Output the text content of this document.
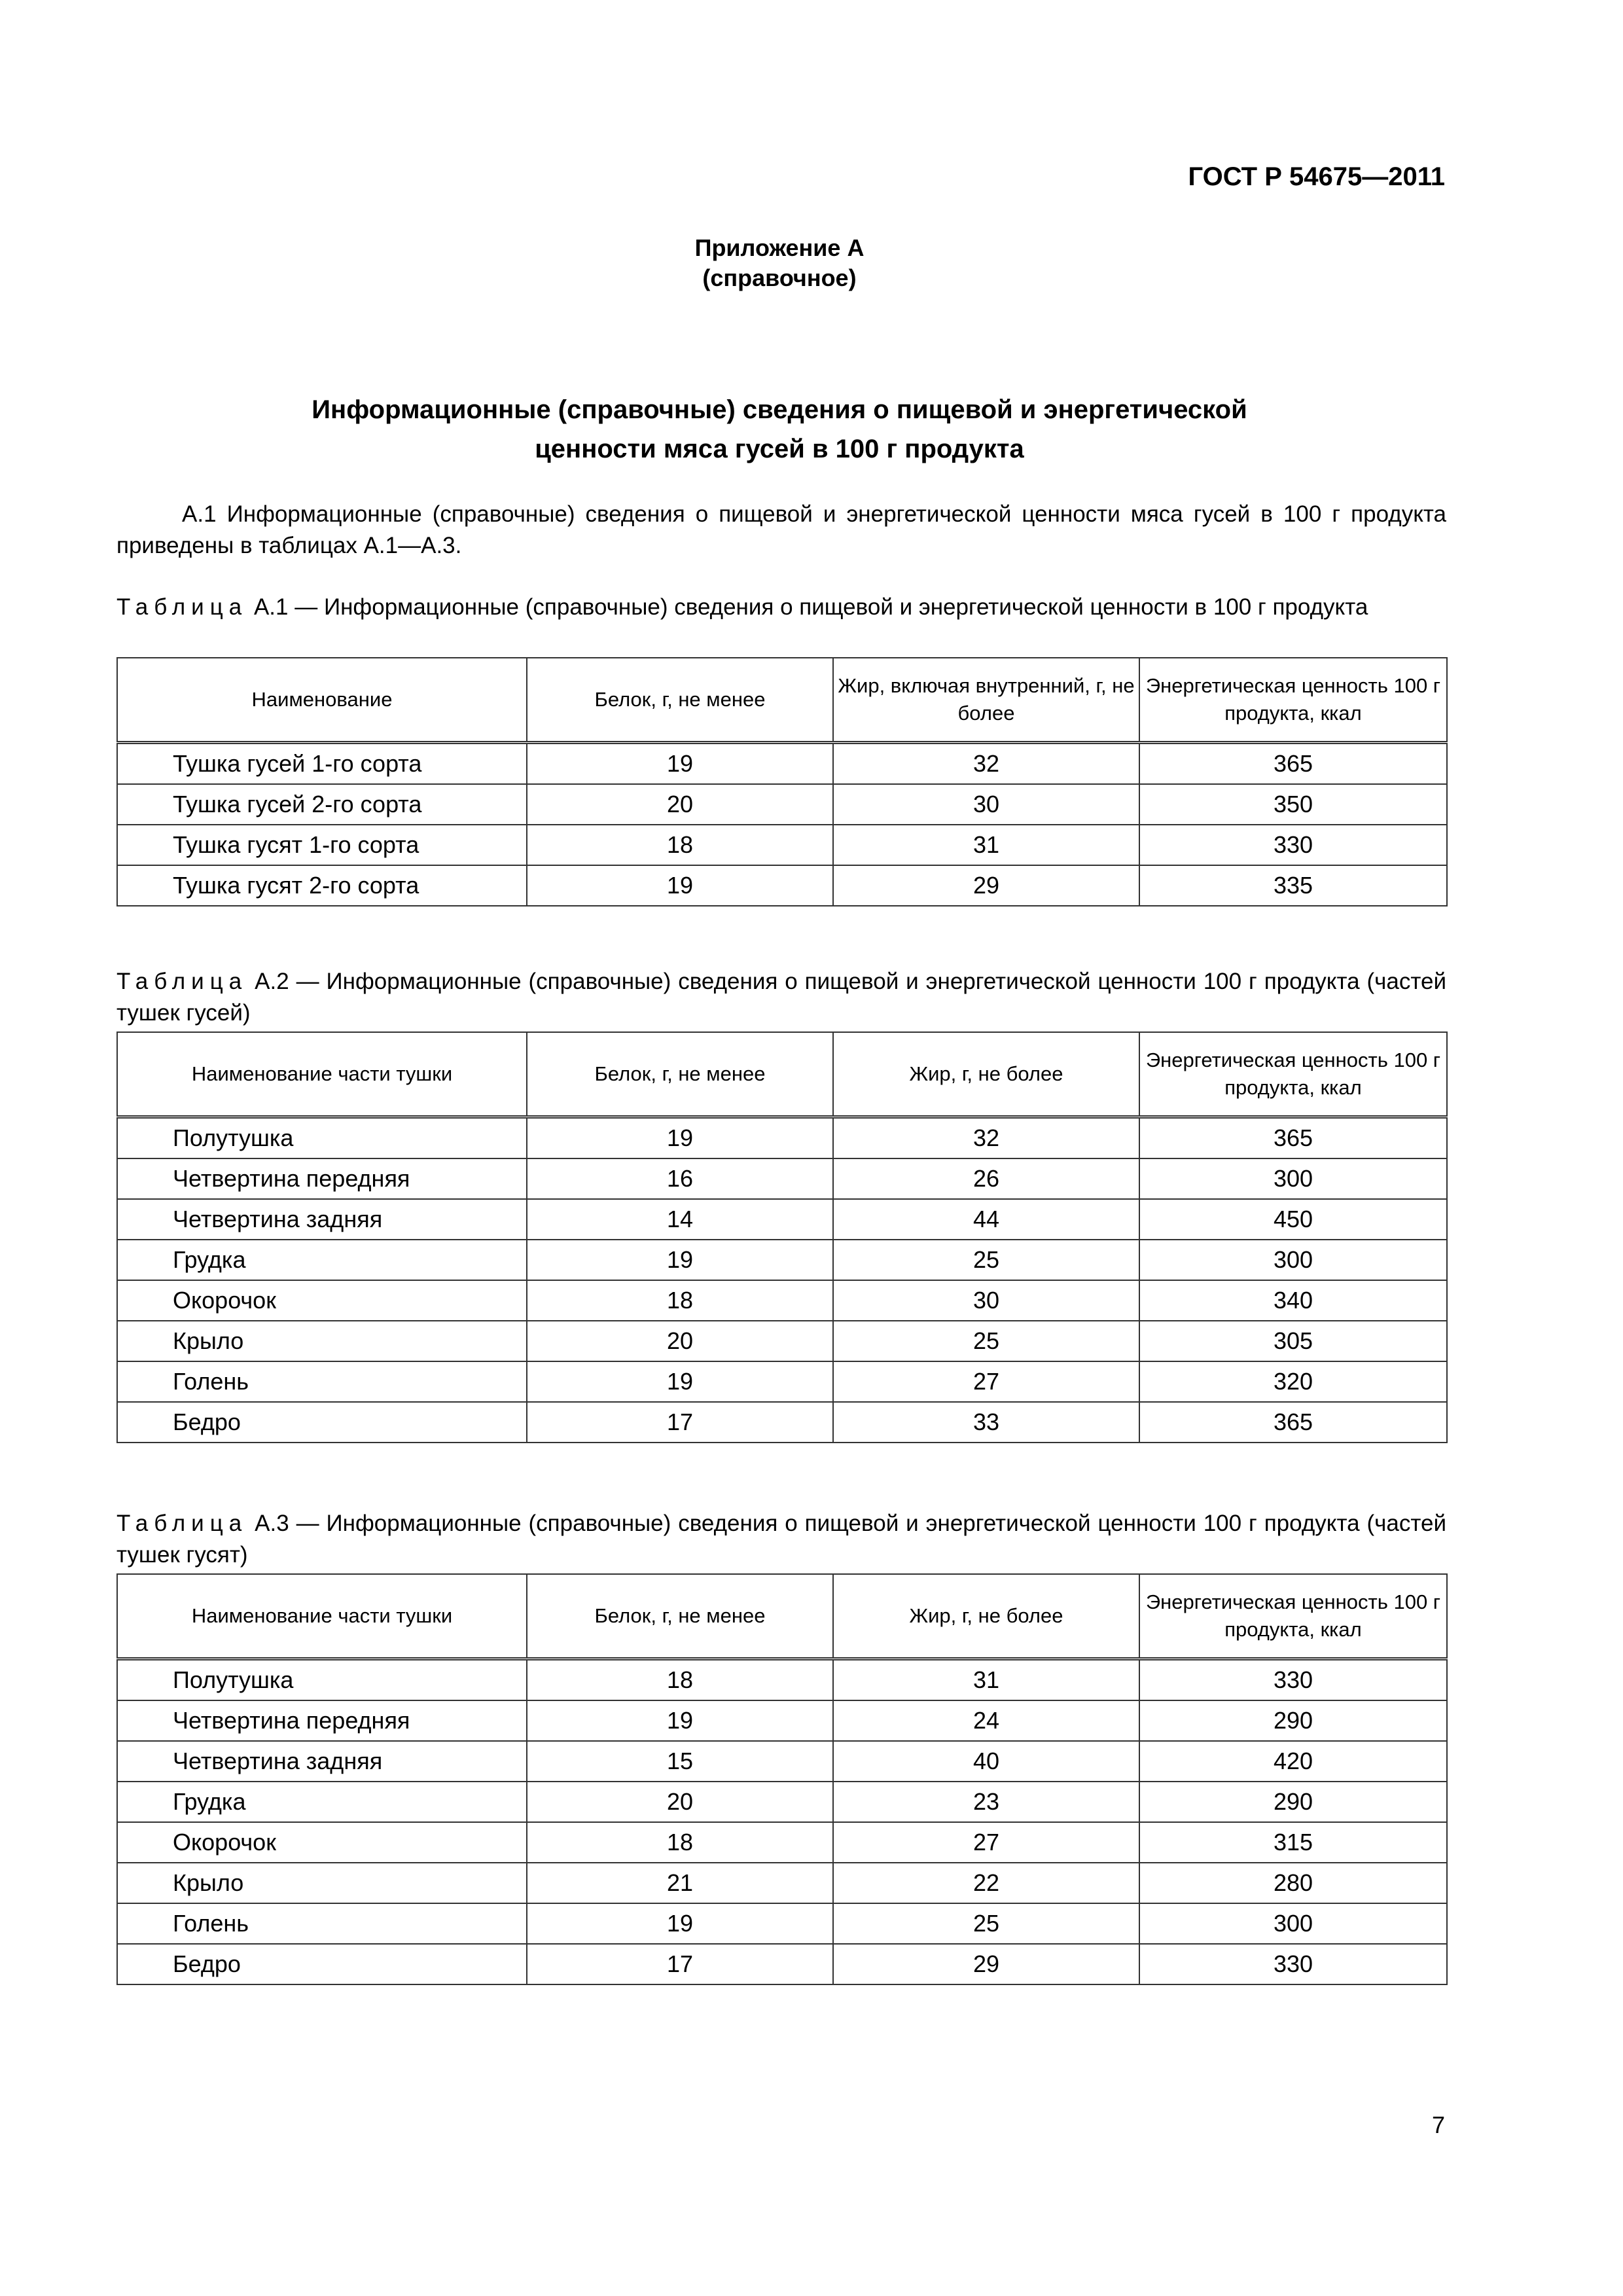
ГОСТ Р 54675—2011
Приложение А
(справочное)
Информационные (справочные) сведения о пищевой и энергетической
ценности мяса гусей в 100 г продукта
А.1 Информационные (справочные) сведения о пищевой и энергетической ценности мяса гусей в 100 г продукта приведены в таблицах А.1—А.3.
Таблица А.1 — Информационные (справочные) сведения о пищевой и энергетической ценности в 100 г продукта
Наименование	Белок, г, не менее	Жир, включая внутренний, г, не более	Энергетическая ценность 100 г продукта, ккал
Тушка гусей 1-го сорта	19	32	365
Тушка гусей 2-го сорта	20	30	350
Тушка гусят 1-го сорта	18	31	330
Тушка гусят 2-го сорта	19	29	335
Таблица А.2 — Информационные (справочные) сведения о пищевой и энергетической ценности 100 г продукта (частей тушек гусей)
Наименование части тушки	Белок, г, не менее	Жир, г, не более	Энергетическая ценность 100 г продукта, ккал
Полутушка	19	32	365
Четвертина передняя	16	26	300
Четвертина задняя	14	44	450
Грудка	19	25	300
Окорочок	18	30	340
Крыло	20	25	305
Голень	19	27	320
Бедро	17	33	365
Таблица А.3 — Информационные (справочные) сведения о пищевой и энергетической ценности 100 г продукта (частей тушек гусят)
Наименование части тушки	Белок, г, не менее	Жир, г, не более	Энергетическая ценность 100 г продукта, ккал
Полутушка	18	31	330
Четвертина передняя	19	24	290
Четвертина задняя	15	40	420
Грудка	20	23	290
Окорочок	18	27	315
Крыло	21	22	280
Голень	19	25	300
Бедро	17	29	330
7
